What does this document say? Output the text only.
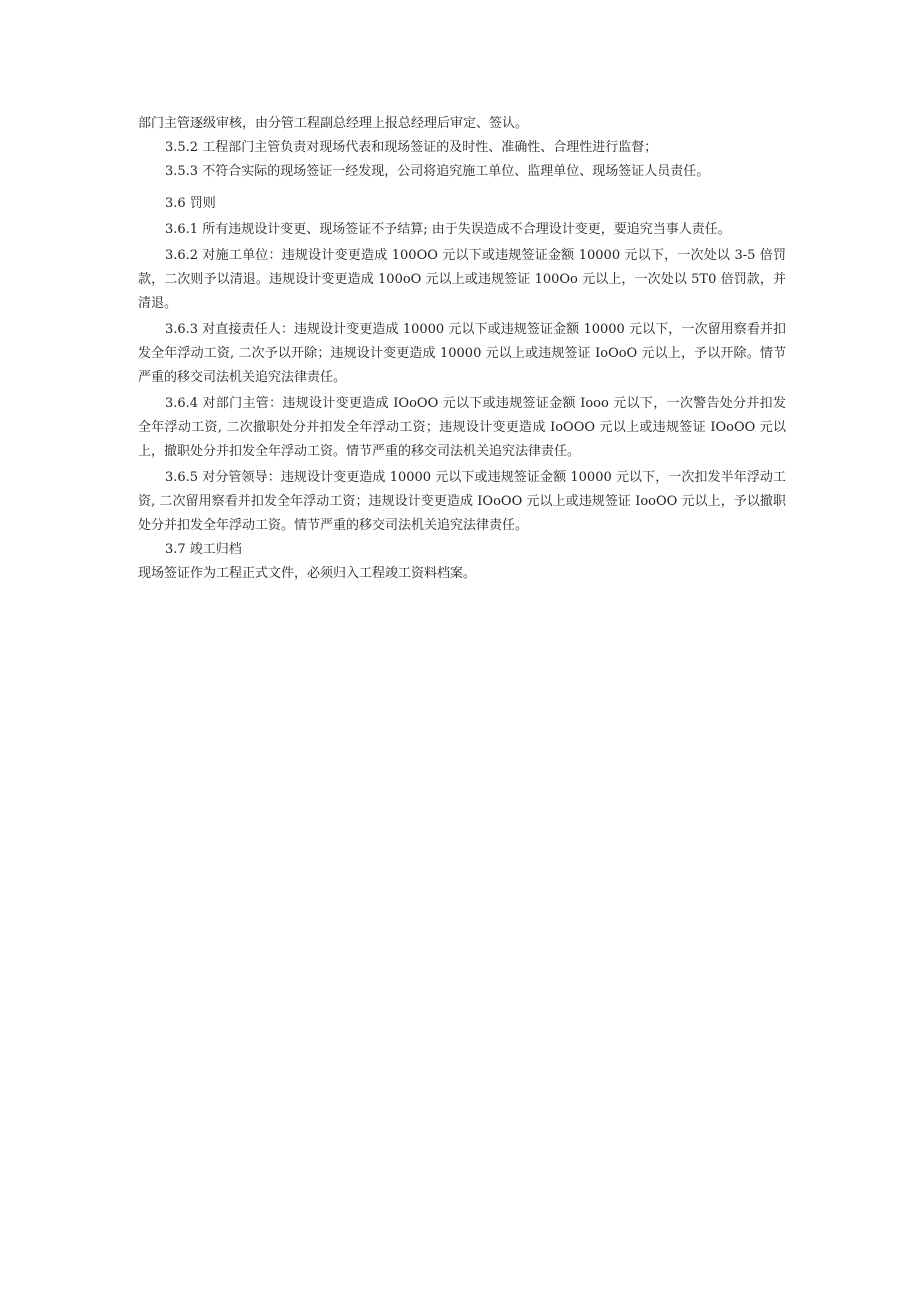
部门主管逐级审核，由分管工程副总经理上报总经理后审定、签认。

3.5.2 工程部门主管负责对现场代表和现场签证的及时性、准确性、合理性进行监督；

3.5.3 不符合实际的现场签证一经发现，公司将追究施工单位、监理单位、现场签证人员责任。

3.6 罚则

3.6.1 所有违规设计变更、现场签证不予结算; 由于失误造成不合理设计变更，要追究当事人责任。

3.6.2 对施工单位：违规设计变更造成 100OO 元以下或违规签证金额 10000 元以下，一次处以 3-5 倍罚款，二次则予以清退。违规设计变更造成 100oO 元以上或违规签证 100Oo 元以上，一次处以 5T0 倍罚款，并清退。

3.6.3 对直接责任人：违规设计变更造成 10000 元以下或违规签证金额 10000 元以下，一次留用察看并扣发全年浮动工资, 二次予以开除；违规设计变更造成 10000 元以上或违规签证 IoOoO 元以上，予以开除。情节严重的移交司法机关追究法律责任。

3.6.4 对部门主管：违规设计变更造成 IOoOO 元以下或违规签证金额 Iooo 元以下，一次警告处分并扣发全年浮动工资, 二次撤职处分并扣发全年浮动工资；违规设计变更造成 IoOOO 元以上或违规签证 IOoOO 元以上，撤职处分并扣发全年浮动工资。情节严重的移交司法机关追究法律责任。

3.6.5 对分管领导：违规设计变更造成 10000 元以下或违规签证金额 10000 元以下，一次扣发半年浮动工资, 二次留用察看并扣发全年浮动工资；违规设计变更造成 IOoOO 元以上或违规签证 IooOO 元以上，予以撤职处分并扣发全年浮动工资。情节严重的移交司法机关追究法律责任。

3.7 竣工归档

现场签证作为工程正式文件，必须归入工程竣工资料档案。
